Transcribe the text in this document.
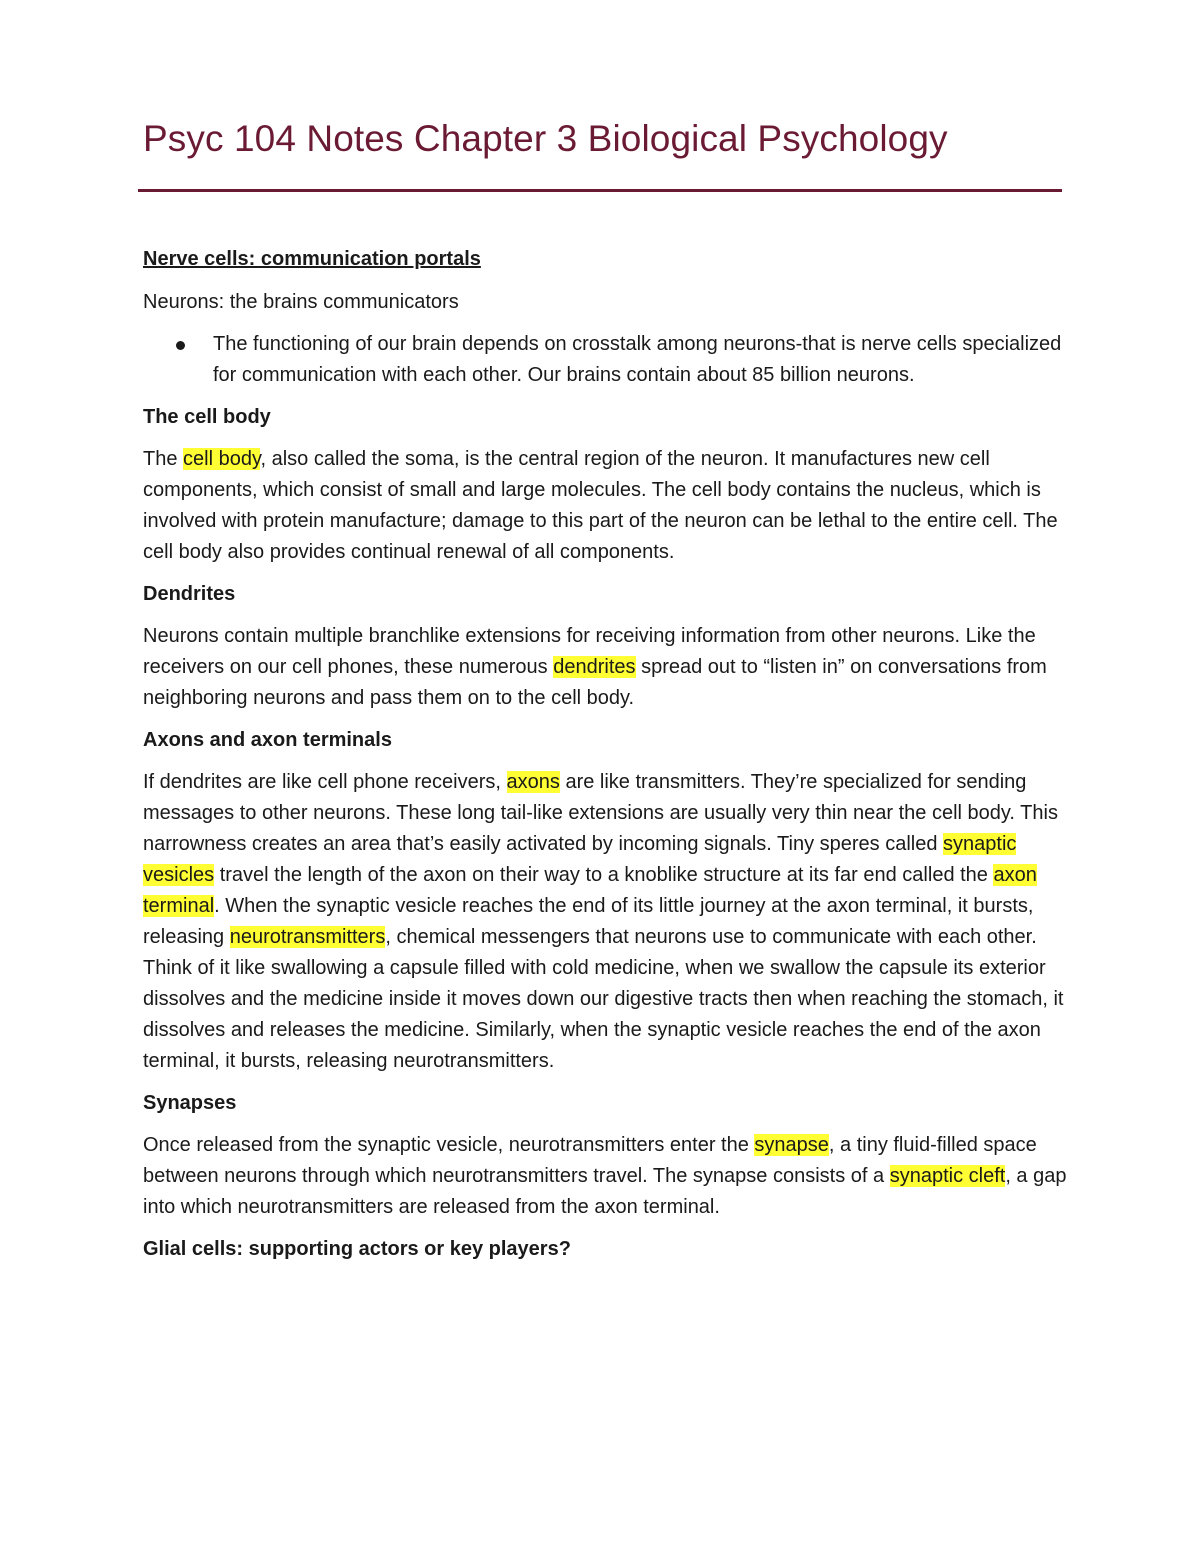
Psyc 104 Notes Chapter 3 Biological Psychology

Nerve cells: communication portals

Neurons: the brains communicators

The functioning of our brain depends on crosstalk among neurons-that is nerve cells specialized for communication with each other. Our brains contain about 85 billion neurons.

The cell body

The cell body, also called the soma, is the central region of the neuron. It manufactures new cell components, which consist of small and large molecules. The cell body contains the nucleus, which is involved with protein manufacture; damage to this part of the neuron can be lethal to the entire cell. The cell body also provides continual renewal of all components.

Dendrites

Neurons contain multiple branchlike extensions for receiving information from other neurons. Like the receivers on our cell phones, these numerous dendrites spread out to “listen in” on conversations from neighboring neurons and pass them on to the cell body.

Axons and axon terminals

If dendrites are like cell phone receivers, axons are like transmitters. They’re specialized for sending messages to other neurons. These long tail-like extensions are usually very thin near the cell body. This narrowness creates an area that’s easily activated by incoming signals. Tiny speres called synaptic vesicles travel the length of the axon on their way to a knoblike structure at its far end called the axon terminal. When the synaptic vesicle reaches the end of its little journey at the axon terminal, it bursts, releasing neurotransmitters, chemical messengers that neurons use to communicate with each other. Think of it like swallowing a capsule filled with cold medicine, when we swallow the capsule its exterior dissolves and the medicine inside it moves down our digestive tracts then when reaching the stomach, it dissolves and releases the medicine. Similarly, when the synaptic vesicle reaches the end of the axon terminal, it bursts, releasing neurotransmitters.

Synapses

Once released from the synaptic vesicle, neurotransmitters enter the synapse, a tiny fluid-filled space between neurons through which neurotransmitters travel. The synapse consists of a synaptic cleft, a gap into which neurotransmitters are released from the axon terminal.

Glial cells: supporting actors or key players?
